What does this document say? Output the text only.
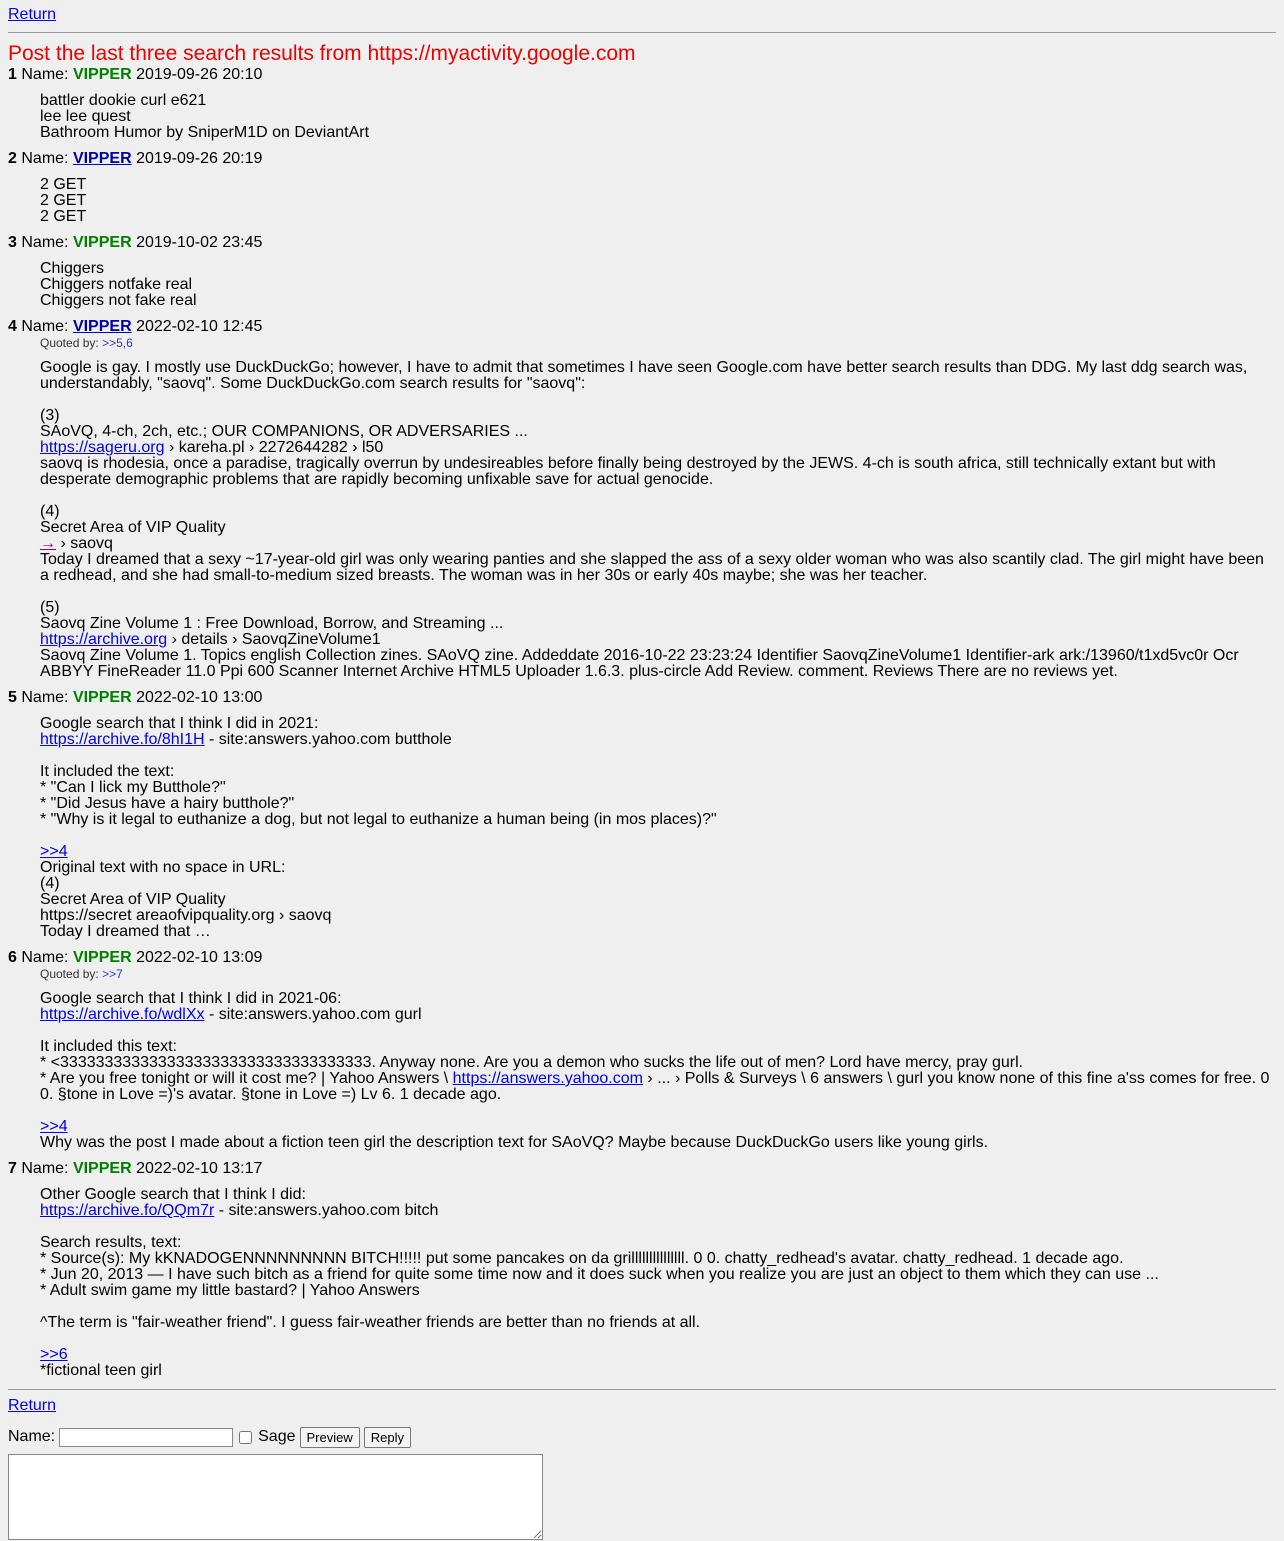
Return
Post the last three search results from https://myactivity.google.com
1 Name: VIPPER 2019-09-26 20:10
battler dookie curl e621
lee lee quest
Bathroom Humor by SniperM1D on DeviantArt
2 Name: VIPPER 2019-09-26 20:19
2 GET
2 GET
2 GET
3 Name: VIPPER 2019-10-02 23:45
Chiggers
Chiggers notfake real
Chiggers not fake real
4 Name: VIPPER 2022-02-10 12:45
Quoted by: >>5,6
Google is gay. I mostly use DuckDuckGo; however, I have to admit that sometimes I have seen Google.com have better search results than DDG. My last ddg search was, understandably, "saovq". Some DuckDuckGo.com search results for "saovq":

(3)
SAoVQ, 4-ch, 2ch, etc.; OUR COMPANIONS, OR ADVERSARIES ...
https://sageru.org › kareha.pl › 2272644282 › l50
saovq is rhodesia, once a paradise, tragically overrun by undesireables before finally being destroyed by the JEWS. 4-ch is south africa, still technically extant but with desperate demographic problems that are rapidly becoming unfixable save for actual genocide.

(4)
Secret Area of VIP Quality
→ › saovq
Today I dreamed that a sexy ~17-year-old girl was only wearing panties and she slapped the ass of a sexy older woman who was also scantily clad. The girl might have been a redhead, and she had small-to-medium sized breasts. The woman was in her 30s or early 40s maybe; she was her teacher.

(5)
Saovq Zine Volume 1 : Free Download, Borrow, and Streaming ...
https://archive.org › details › SaovqZineVolume1
Saovq Zine Volume 1. Topics english Collection zines. SAoVQ zine. Addeddate 2016-10-22 23:23:24 Identifier SaovqZineVolume1 Identifier-ark ark:/13960/t1xd5vc0r Ocr ABBYY FineReader 11.0 Ppi 600 Scanner Internet Archive HTML5 Uploader 1.6.3. plus-circle Add Review. comment. Reviews There are no reviews yet.
5 Name: VIPPER 2022-02-10 13:00
Google search that I think I did in 2021:
https://archive.fo/8hI1H - site:answers.yahoo.com butthole

It included the text:
* "Can I lick my Butthole?"
* "Did Jesus have a hairy butthole?"
* "Why is it legal to euthanize a dog, but not legal to euthanize a human being (in mos places)?"

>>4
Original text with no space in URL:
(4)
Secret Area of VIP Quality
https://secret areaofvipquality.org › saovq
Today I dreamed that …
6 Name: VIPPER 2022-02-10 13:09
Quoted by: >>7
Google search that I think I did in 2021-06:
https://archive.fo/wdlXx - site:answers.yahoo.com gurl

It included this text:
* <33333333333333333333333333333333333. Anyway none. Are you a demon who sucks the life out of men? Lord have mercy, pray gurl.
* Are you free tonight or will it cost me? | Yahoo Answers \ https://answers.yahoo.com › ... › Polls & Surveys \ 6 answers \ gurl you know none of this fine a'ss comes for free. 0 0. §tone in Love =)'s avatar. §tone in Love =) Lv 6. 1 decade ago.

>>4
Why was the post I made about a fiction teen girl the description text for SAoVQ? Maybe because DuckDuckGo users like young girls.
7 Name: VIPPER 2022-02-10 13:17
Other Google search that I think I did:
https://archive.fo/QQm7r - site:answers.yahoo.com bitch

Search results, text:
* Source(s): My kKNADOGENNNNNNNNN BITCH!!!!! put some pancakes on da grilllllllllllllll. 0 0. chatty_redhead's avatar. chatty_redhead. 1 decade ago.
* Jun 20, 2013 — I have such bitch as a friend for quite some time now and it does suck when you realize you are just an object to them which they can use ...
* Adult swim game my little bastard? | Yahoo Answers

^The term is "fair-weather friend". I guess fair-weather friends are better than no friends at all.

>>6
*fictional teen girl
Return
Name:	Sage Preview	Reply
